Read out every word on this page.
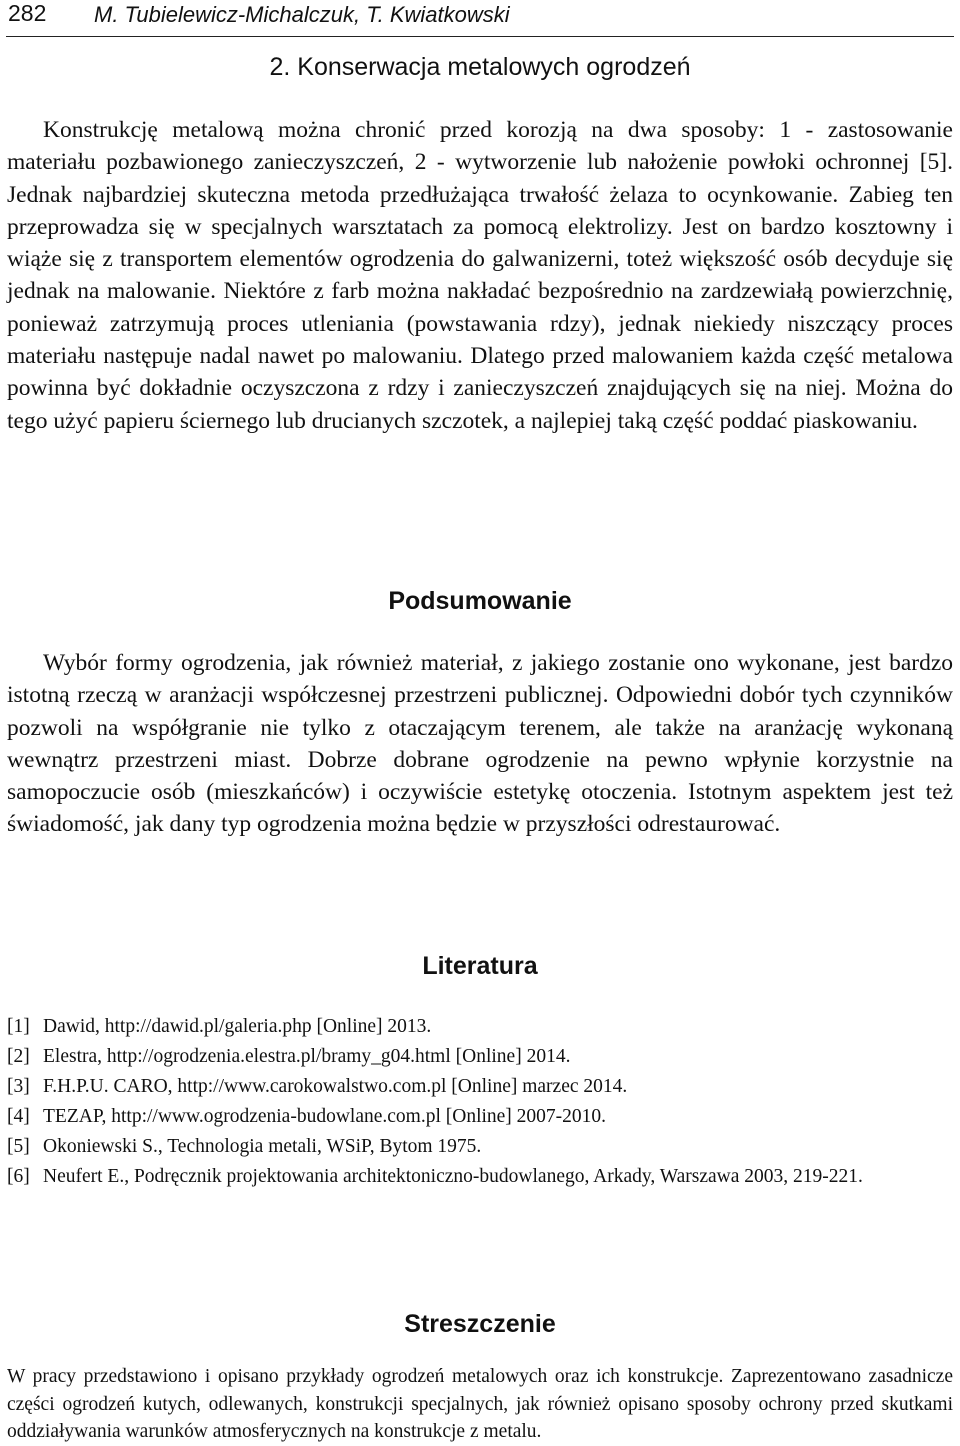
282 M. Tubielewicz-Michalczuk, T. Kwiatkowski
2. Konserwacja metalowych ogrodzeń

Konstrukcję metalową można chronić przed korozją na dwa sposoby: 1 - zastosowanie materiału pozbawionego zanieczyszczeń, 2 - wytworzenie lub nałożenie powłoki ochronnej [5]. Jednak najbardziej skuteczna metoda przedłużająca trwałość żelaza to ocynkowanie. Zabieg ten przeprowadza się w specjalnych warsztatach za pomocą elektrolizy. Jest on bardzo kosztowny i wiąże się z transportem elementów ogrodzenia do galwanizerni, toteż większość osób decyduje się jednak na malowanie. Niektóre z farb można nakładać bezpośrednio na zardzewiałą powierzchnię, ponieważ zatrzymują proces utleniania (powstawania rdzy), jednak niekiedy niszczący proces materiału następuje nadal nawet po malowaniu. Dlatego przed malowaniem każda część metalowa powinna być dokładnie oczyszczona z rdzy i zanieczyszczeń znajdujących się na niej. Można do tego użyć papieru ściernego lub drucianych szczotek, a najlepiej taką część poddać piaskowaniu.

Podsumowanie

Wybór formy ogrodzenia, jak również materiał, z jakiego zostanie ono wykonane, jest bardzo istotną rzeczą w aranżacji współczesnej przestrzeni publicznej. Odpowiedni dobór tych czynników pozwoli na współgranie nie tylko z otaczającym terenem, ale także na aranżację wykonaną wewnątrz przestrzeni miast. Dobrze dobrane ogrodzenie na pewno wpłynie korzystnie na samopoczucie osób (mieszkańców) i oczywiście estetykę otoczenia. Istotnym aspektem jest też świadomość, jak dany typ ogrodzenia można będzie w przyszłości odrestaurować.

Literatura
[1] Dawid, http://dawid.pl/galeria.php [Online] 2013.
[2] Elestra, http://ogrodzenia.elestra.pl/bramy_g04.html [Online] 2014.
[3] F.H.P.U. CARO, http://www.carokowalstwo.com.pl [Online] marzec 2014.
[4] TEZAP, http://www.ogrodzenia-budowlane.com.pl [Online] 2007-2010.
[5] Okoniewski S., Technologia metali, WSiP, Bytom 1975.
[6] Neufert E., Podręcznik projektowania architektoniczno-budowlanego, Arkady, Warszawa 2003, 219-221.
Streszczenie

W pracy przedstawiono i opisano przykłady ogrodzeń metalowych oraz ich konstrukcje. Zaprezentowano zasadnicze części ogrodzeń kutych, odlewanych, konstrukcji specjalnych, jak również opisano sposoby ochrony przed skutkami oddziaływania warunków atmosferycznych na konstrukcje z metalu.
